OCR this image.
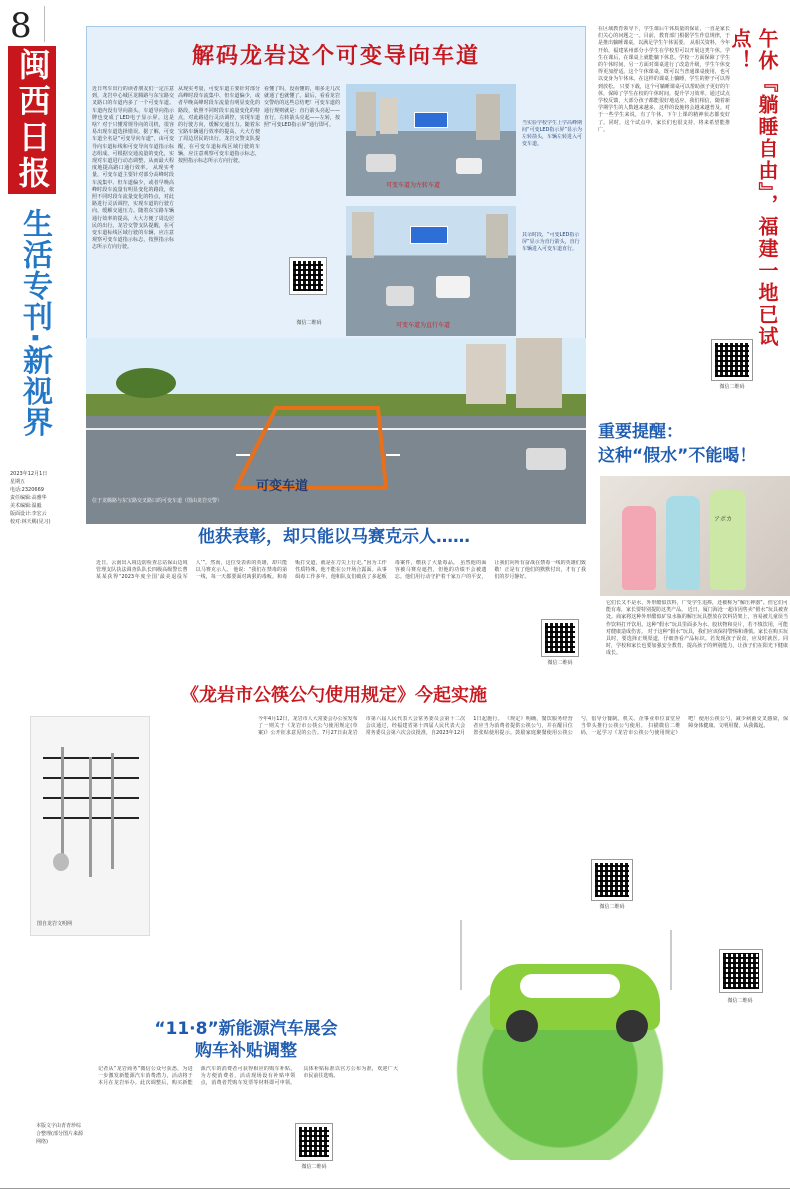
8
闽西日报
生活专刊·新视界
2023年12月1日
星期五
电话:2320669
责任编辑:高雅华
美术编辑:温毅
版面设计:李宏云
校对:林天赐(见习)
本版文字由青青珍综合整理(部分图片来源网络)
解码龙岩这个可变导向车道
近日驾车出行的读者朋友们一定注意到，龙岩中心城区龙腾路与东宝路交叉路口的车道内多了一个可变车道。车道内没有导向箭头，车道导向指示牌也变成了LED电子显示屏。这是啥？对于只懂常规导向的司机，很容易出现车道选择错误。据了解，可变车道全名是“可变导向车道”，由可变导向车道标线和可变导向车道指示标志组成。可根据交通流量的变化，实现对车道进行动态调整，从而最大程度地提高路口通行效率。 从现实考量，可变车道主要针对部分高峰时段车流集中、但车道偏少，或者早晚高峰时段车流量有明显变化的路段，依照不同时段车流量变化的特点，对此路进行灵活调控，实现车道的行驶方向，缓解交通压力。随着东宝路车辆通行效率的提高，大大方便了周边居民的出行。龙岩交警支队提醒，在可变车道标线区域行驶的车辆，应注意观察可变车道指示标志，按照指示标志所示方向行驶。
从现实考量，可变车道主要针对部分高峰时段车流集中、但车道偏少，或者早晚高峰时段车流量有明显变化的路段，依照不同时段车流量变化的特点，对此路进行灵活调控，实现车道的行驶方向，缓解交通压力。随着东宝路车辆通行效率的提高，大大方便了周边居民的出行。龙岩交警支队提醒，在可变车道标线区域行驶的车辆，应注意观察可变车道指示标志，按照指示标志所示方向行驶。
看懂了吗，没看懂的，咱多走几次就通了也就懂了。最后，看看龙岩交警给的这些总结吧！可变车道的通行规则就是：直行箭头亮起——直行，左转箭头亮起——左转，按照“可变LED指示屏”通行即可。
可变车道为左转车道
当实验学校学生上学高峰期间“可变LED指示屏”显示为左转箭头，车辆左转进入可变车道。
可变车道为直行车道
其余时段，“可变LED指示屏”显示为直行箭头，直行车辆进入可变车道直行。
微信二维码
可变车道
位于龙腾路与东宝路交叉路口的可变车道（图由龙岩交警）
在区域教育领导下，学生课后午休质量的保证，一直是家长们关心的问题之一。目前，教育部门根据学生作息规律，于是推出躺睡课桌，以满足学生午休需要。 从相关资料，今年开始，福建某州部分小学生在学校里可以开展这类午休。学生在课后，在课桌上就能躺下休息。学校一方面保障了学生的午休时间，另一方面对课桌进行了改造升级，学生午休变得更加舒适。这个午休课桌，既可以当普通课桌使用，也可以变身为午休床。在这样的课桌上躺睡，学生的脖子可以得到放松。 只要下载，这个可躺睡课桌可以帮助孩子更好的午休，保障了学生在校的午休时间，提升学习效率。通过试点学校反馈，大部分孩子都能很好地适应，我们相信，随着新学期学生的人数越来越多，这样的设施将会越来越普及。对于一些学生来说，有了午休，下午上课的精神状态都变好了。同时，这个试点中，家长们也很支持，将来希望能推广。	午休『躺睡自由』，福建一地已试点！
微信二维码
重要提醒：
这种“假水”不能喝！
アボカ
它们长又不是水，外形酷似饮料，广受学生追捧，还被称为“解压神器”。但它们可能有毒，家长要特别提防这类产品。 近日，厦门海沧一超市因售卖“假水”玩具被查处。商家将这种外形酷似矿泉水瓶的解压玩具摆放在饮料货架上，容易被儿童误当作饮料打开饮用。这种“假水”玩具里面多为水、胶状物和亮片，若不慎饮用，可能对健康造成伤害。 对于这种“假水”玩具，我们应该保持警惕和谨慎。家长在购买玩具时，要选择正规渠道，仔细查看产品标识。若发现孩子误食，应及时就医。同时，学校和家长也要加强安全教育，提高孩子的辨别能力，让孩子们在阳光下健康成长。
微信二维码
他获表彰，却只能以马赛克示人……
近日，云南出入境边防检查总站保山边境管理支队执法调查队队长四级高级警长曹某某获得“2023年度全国‘最美退役军人’”。然而，这位受表彰的英雄，却只能以马赛克示人。 他说：“我们在禁毒的第一线，每一天都要面对凶狠的毒贩。和毒贩打交道，就是在刀尖上行走。”因为工作性质特殊，他不能在公开场合露面。从事缉毒工作多年，他和队友们破获了多起贩毒案件，缴获了大量毒品。 虽然他的面容被马赛克遮挡，但他的功绩不会被遗忘。他们用行动守护着千家万户的平安，让我们向所有奋战在禁毒一线的英雄们致敬！正是有了他们的默默付出，才有了我们的岁月静好。
微信二维码
《龙岩市公筷公勺使用规定》今起实施
图自龙岩文明网
今年4月12日，龙岩市人大常委会办公室发布了一则关于《龙岩市公筷公勺使用规定(草案)》公开征求意见的公告。7月27日由龙岩市第六届人民代表大会常务委员会第十二次会议通过，经福建省第十四届人民代表大会常务委员会第六次会议批准，自2023年12月1日起施行。 《规定》明确，餐饮服务经营者应当为消费者提供公筷公勺，并在醒目位置张贴使用提示。鼓励家庭聚餐使用公筷公勺，倡导分餐制。机关、企事业单位食堂应当带头推行公筷公勺使用。 扫描微信二维码，一起学习《龙岩市公筷公勺使用规定》吧！使用公筷公勺，减少病菌交叉感染，保障身体健康。文明用餐，从我做起。
微信二维码
“11·8”新能源汽车展会
购车补贴调整
记者从“龙岩商务”微信公众号获悉，为进一步激发新能源汽车消费潜力，活动将于本月在龙岩举办。此次调整后，购买新能源汽车的消费者可获得相应的购车补贴。 为方便消费者，活动现场设有补贴申领点，消费者凭购车发票等材料即可申领。具体补贴标准以官方公布为准，欢迎广大市民前往选购。
微信二维码
